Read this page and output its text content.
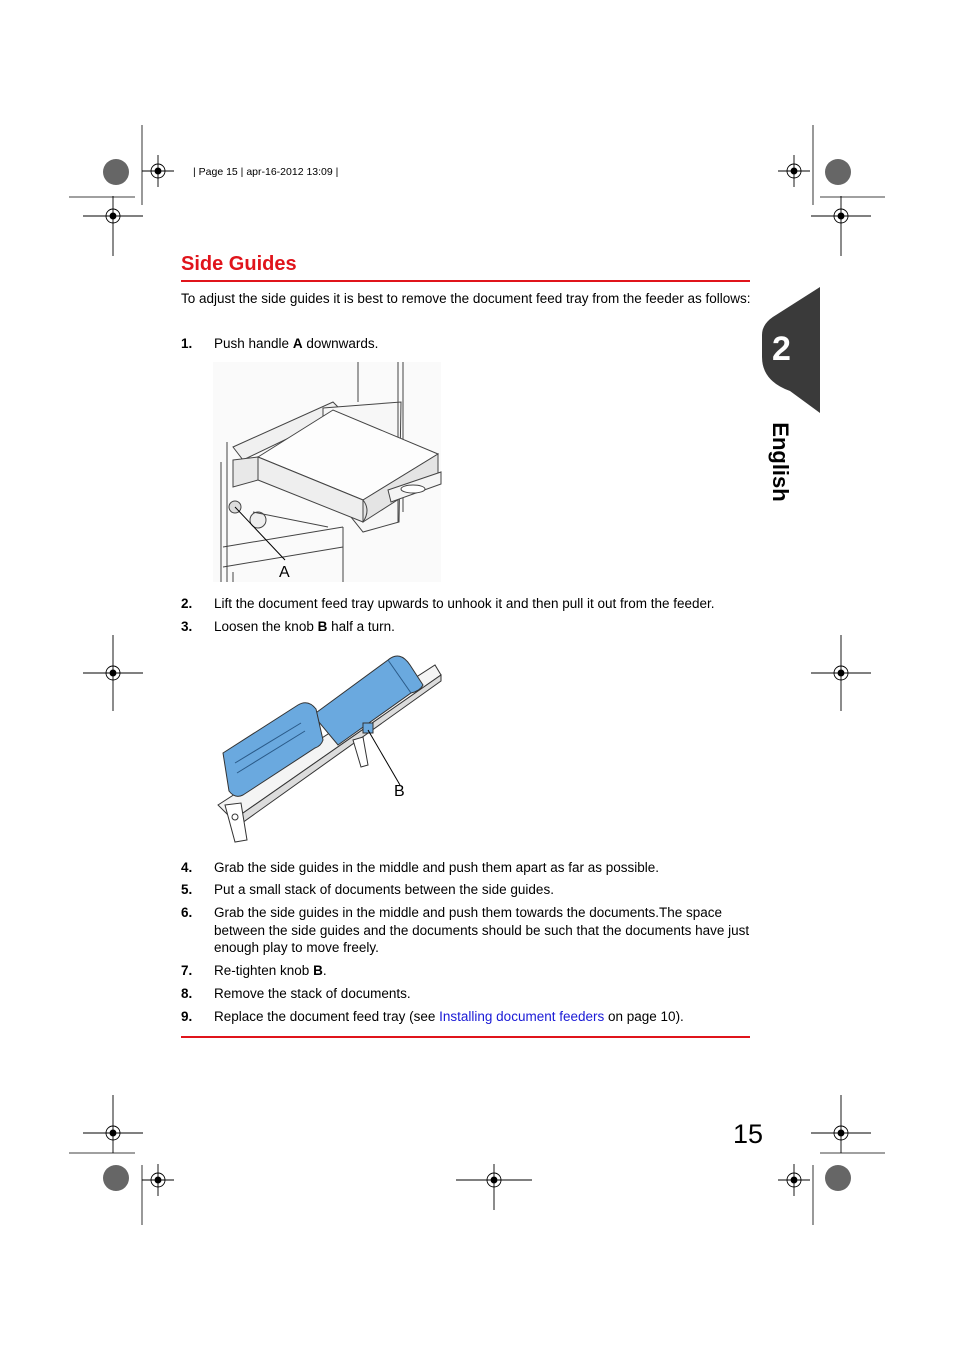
| Page 15 | apr-16-2012 13:09 |
Side Guides
To adjust the side guides it is best to remove the document feed tray from the feeder as follows:
1. Push handle A downwards.
A
2. Lift the document feed tray upwards to unhook it and then pull it out from the feeder.
3. Loosen the knob B half a turn.
B
4. Grab the side guides in the middle and push them apart as far as possible.
5. Put a small stack of documents between the side guides.
6. Grab the side guides in the middle and push them towards the documents.The space between the side guides and the documents should be such that the documents have just enough play to move freely.
7. Re-tighten knob B.
8. Remove the stack of documents.
9. Replace the document feed tray (see Installing document feeders on page 10).
2
English
15
